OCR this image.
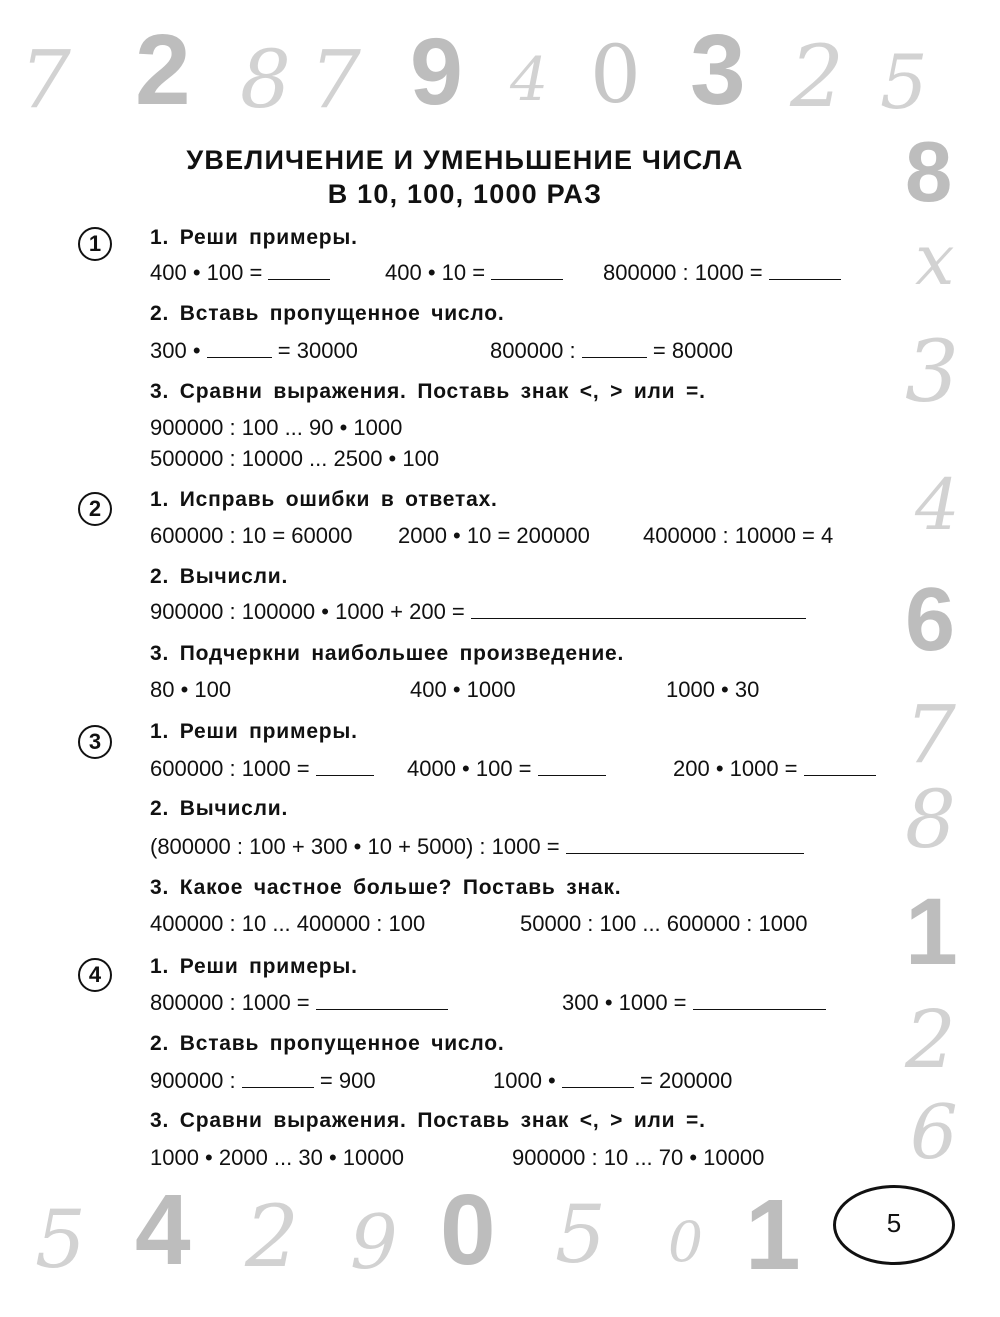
7 2 8 7 9 4 0 3 2 5
8
x
3
4
6
7
8
1
2
6
5 4 2 9 0 5 0 1
УВЕЛИЧЕНИЕ И УМЕНЬШЕНИЕ ЧИСЛА
В 10, 100, 1000 РАЗ
1	1. Реши примеры.
400 • 100 =	400 • 10 =	800000 : 1000 =
2. Вставь пропущенное число.
300 •	= 30000	800000 :	= 80000
3. Сравни выражения. Поставь знак <, > или =.
900000 : 100 ... 90 • 1000
500000 : 10000 ... 2500 • 100
2	1. Исправь ошибки в ответах.
600000 : 10 = 60000 2000 • 10 = 200000 400000 : 10000 = 4
2. Вычисли.
900000 : 100000 • 1000 + 200 =
3. Подчеркни наибольшее произведение.
80 • 100	400 • 1000	1000 • 30
3	1. Реши примеры.
600000 : 1000 =	4000 • 100 =	200 • 1000 =
2. Вычисли.
(800000 : 100 + 300 • 10 + 5000) : 1000 =
3. Какое частное больше? Поставь знак.
400000 : 10 ... 400000 : 100	50000 : 100 ... 600000 : 1000
4	1. Реши примеры.
800000 : 1000 =	300 • 1000 =
2. Вставь пропущенное число.
900000 :	= 900	1000 •	= 200000
3. Сравни выражения. Поставь знак <, > или =.
1000 • 2000 ... 30 • 10000	900000 : 10 ... 70 • 10000
5
